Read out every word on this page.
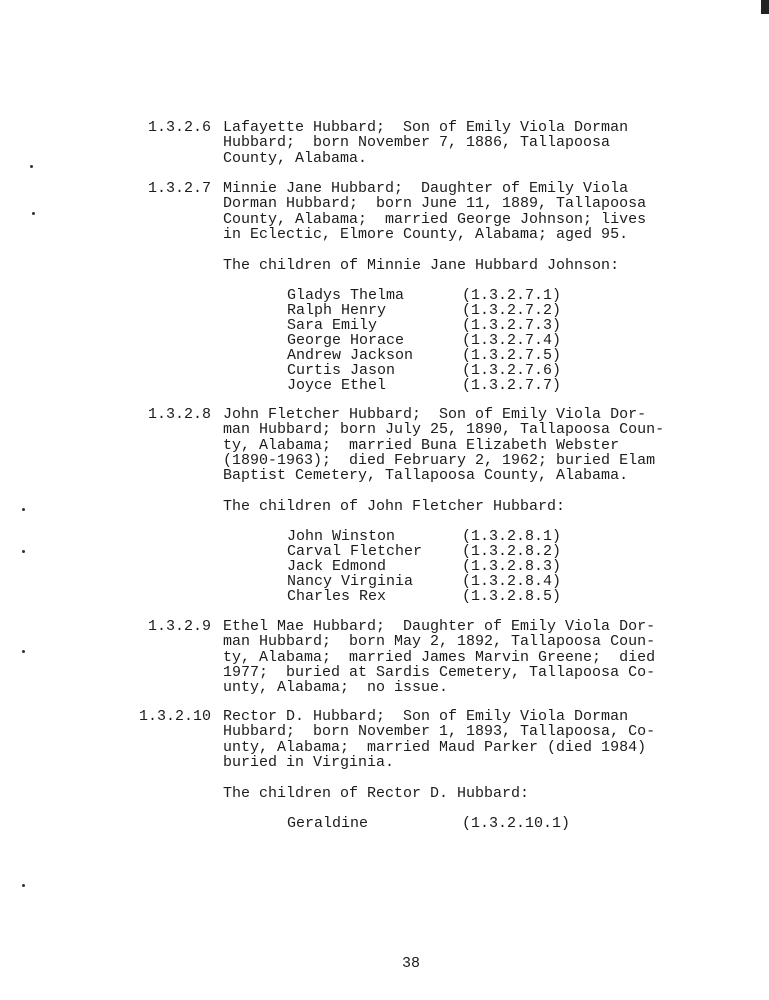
1.3.2.6 Lafayette Hubbard;  Son of Emily Viola Dorman
Hubbard;  born November 7, 1886, Tallapoosa
County, Alabama.
1.3.2.7 Minnie Jane Hubbard;  Daughter of Emily Viola
Dorman Hubbard;  born June 11, 1889, Tallapoosa
County, Alabama;  married George Johnson; lives
in Eclectic, Elmore County, Alabama; aged 95.
The children of Minnie Jane Hubbard Johnson:
Gladys Thelma	(1.3.2.7.1)
Ralph Henry	(1.3.2.7.2)
Sara Emily	(1.3.2.7.3)
George Horace	(1.3.2.7.4)
Andrew Jackson	(1.3.2.7.5)
Curtis Jason	(1.3.2.7.6)
Joyce Ethel	(1.3.2.7.7)
1.3.2.8 John Fletcher Hubbard;  Son of Emily Viola Dor-
man Hubbard; born July 25, 1890, Tallapoosa Coun-
ty, Alabama;  married Buna Elizabeth Webster
(1890-1963);  died February 2, 1962; buried Elam
Baptist Cemetery, Tallapoosa County, Alabama.
The children of John Fletcher Hubbard:
John Winston	(1.3.2.8.1)
Carval Fletcher	(1.3.2.8.2)
Jack Edmond	(1.3.2.8.3)
Nancy Virginia	(1.3.2.8.4)
Charles Rex	(1.3.2.8.5)
1.3.2.9 Ethel Mae Hubbard;  Daughter of Emily Viola Dor-
man Hubbard;  born May 2, 1892, Tallapoosa Coun-
ty, Alabama;  married James Marvin Greene;  died
1977;  buried at Sardis Cemetery, Tallapoosa Co-
unty, Alabama;  no issue.
1.3.2.10 Rector D. Hubbard;  Son of Emily Viola Dorman
Hubbard;  born November 1, 1893, Tallapoosa, Co-
unty, Alabama;  married Maud Parker (died 1984)
buried in Virginia.
The children of Rector D. Hubbard:
Geraldine	(1.3.2.10.1)
38
